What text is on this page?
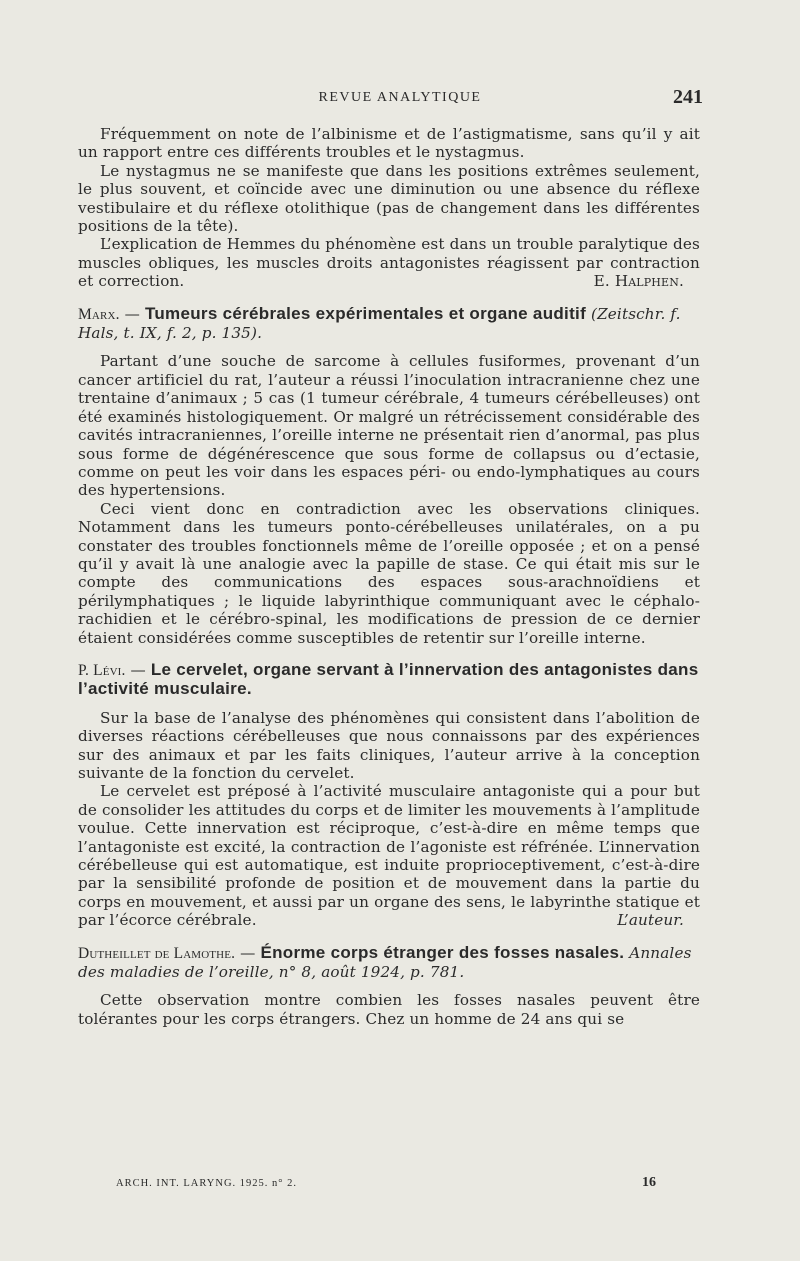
REVUE ANALYTIQUE	241

Fréquemment on note de l’albinisme et de l’astigmatisme, sans qu’il y ait un rapport entre ces différents troubles et le nystagmus.

Le nystagmus ne se manifeste que dans les positions extrêmes seulement, le plus souvent, et coïncide avec une diminution ou une absence du réflexe vestibulaire et du réflexe otolithique (pas de changement dans les différentes positions de la tête).

L’explication de Hemmes du phénomène est dans un trouble paralytique des muscles obliques, les muscles droits antagonistes réagissent par contraction et correction.	E. Halphen.

Marx. — Tumeurs cérébrales expérimentales et organe auditif (Zeitschr. f. Hals, t. IX, f. 2, p. 135).

Partant d’une souche de sarcome à cellules fusiformes, provenant d’un cancer artificiel du rat, l’auteur a réussi l’inoculation intracranienne chez une trentaine d’animaux ; 5 cas (1 tumeur cérébrale, 4 tumeurs cérébelleuses) ont été examinés histologiquement. Or malgré un rétrécissement considérable des cavités intracraniennes, l’oreille interne ne présentait rien d’anormal, pas plus sous forme de dégénérescence que sous forme de collapsus ou d’ectasie, comme on peut les voir dans les espaces péri- ou endo-lymphatiques au cours des hypertensions.

Ceci vient donc en contradiction avec les observations cliniques. Notamment dans les tumeurs ponto-cérébelleuses unilatérales, on a pu constater des troubles fonctionnels même de l’oreille opposée ; et on a pensé qu’il y avait là une analogie avec la papille de stase. Ce qui était mis sur le compte des communications des espaces sous-arachnoïdiens et périlymphatiques ; le liquide labyrinthique communiquant avec le céphalo-rachidien et le cérébro-spinal, les modifications de pression de ce dernier étaient considérées comme susceptibles de retentir sur l’oreille interne.

P. Lévi. — Le cervelet, organe servant à l’innervation des antagonistes dans l’activité musculaire.

Sur la base de l’analyse des phénomènes qui consistent dans l’abolition de diverses réactions cérébelleuses que nous connaissons par des expériences sur des animaux et par les faits cliniques, l’auteur arrive à la conception suivante de la fonction du cervelet.

Le cervelet est préposé à l’activité musculaire antagoniste qui a pour but de consolider les attitudes du corps et de limiter les mouvements à l’amplitude voulue. Cette innervation est réciproque, c’est-à-dire en même temps que l’antagoniste est excité, la contraction de l’agoniste est réfrénée. L’innervation cérébelleuse qui est automatique, est induite proprioceptivement, c’est-à-dire par la sensibilité profonde de position et de mouvement dans la partie du corps en mouvement, et aussi par un organe des sens, le labyrinthe statique et par l’écorce cérébrale.	L’auteur.

Dutheillet de Lamothe. — Énorme corps étranger des fosses nasales. Annales des maladies de l’oreille, n° 8, août 1924, p. 781.

Cette observation montre combien les fosses nasales peuvent être tolérantes pour les corps étrangers. Chez un homme de 24 ans qui se

ARCH. INT. LARYNG. 1925. n° 2.	16
